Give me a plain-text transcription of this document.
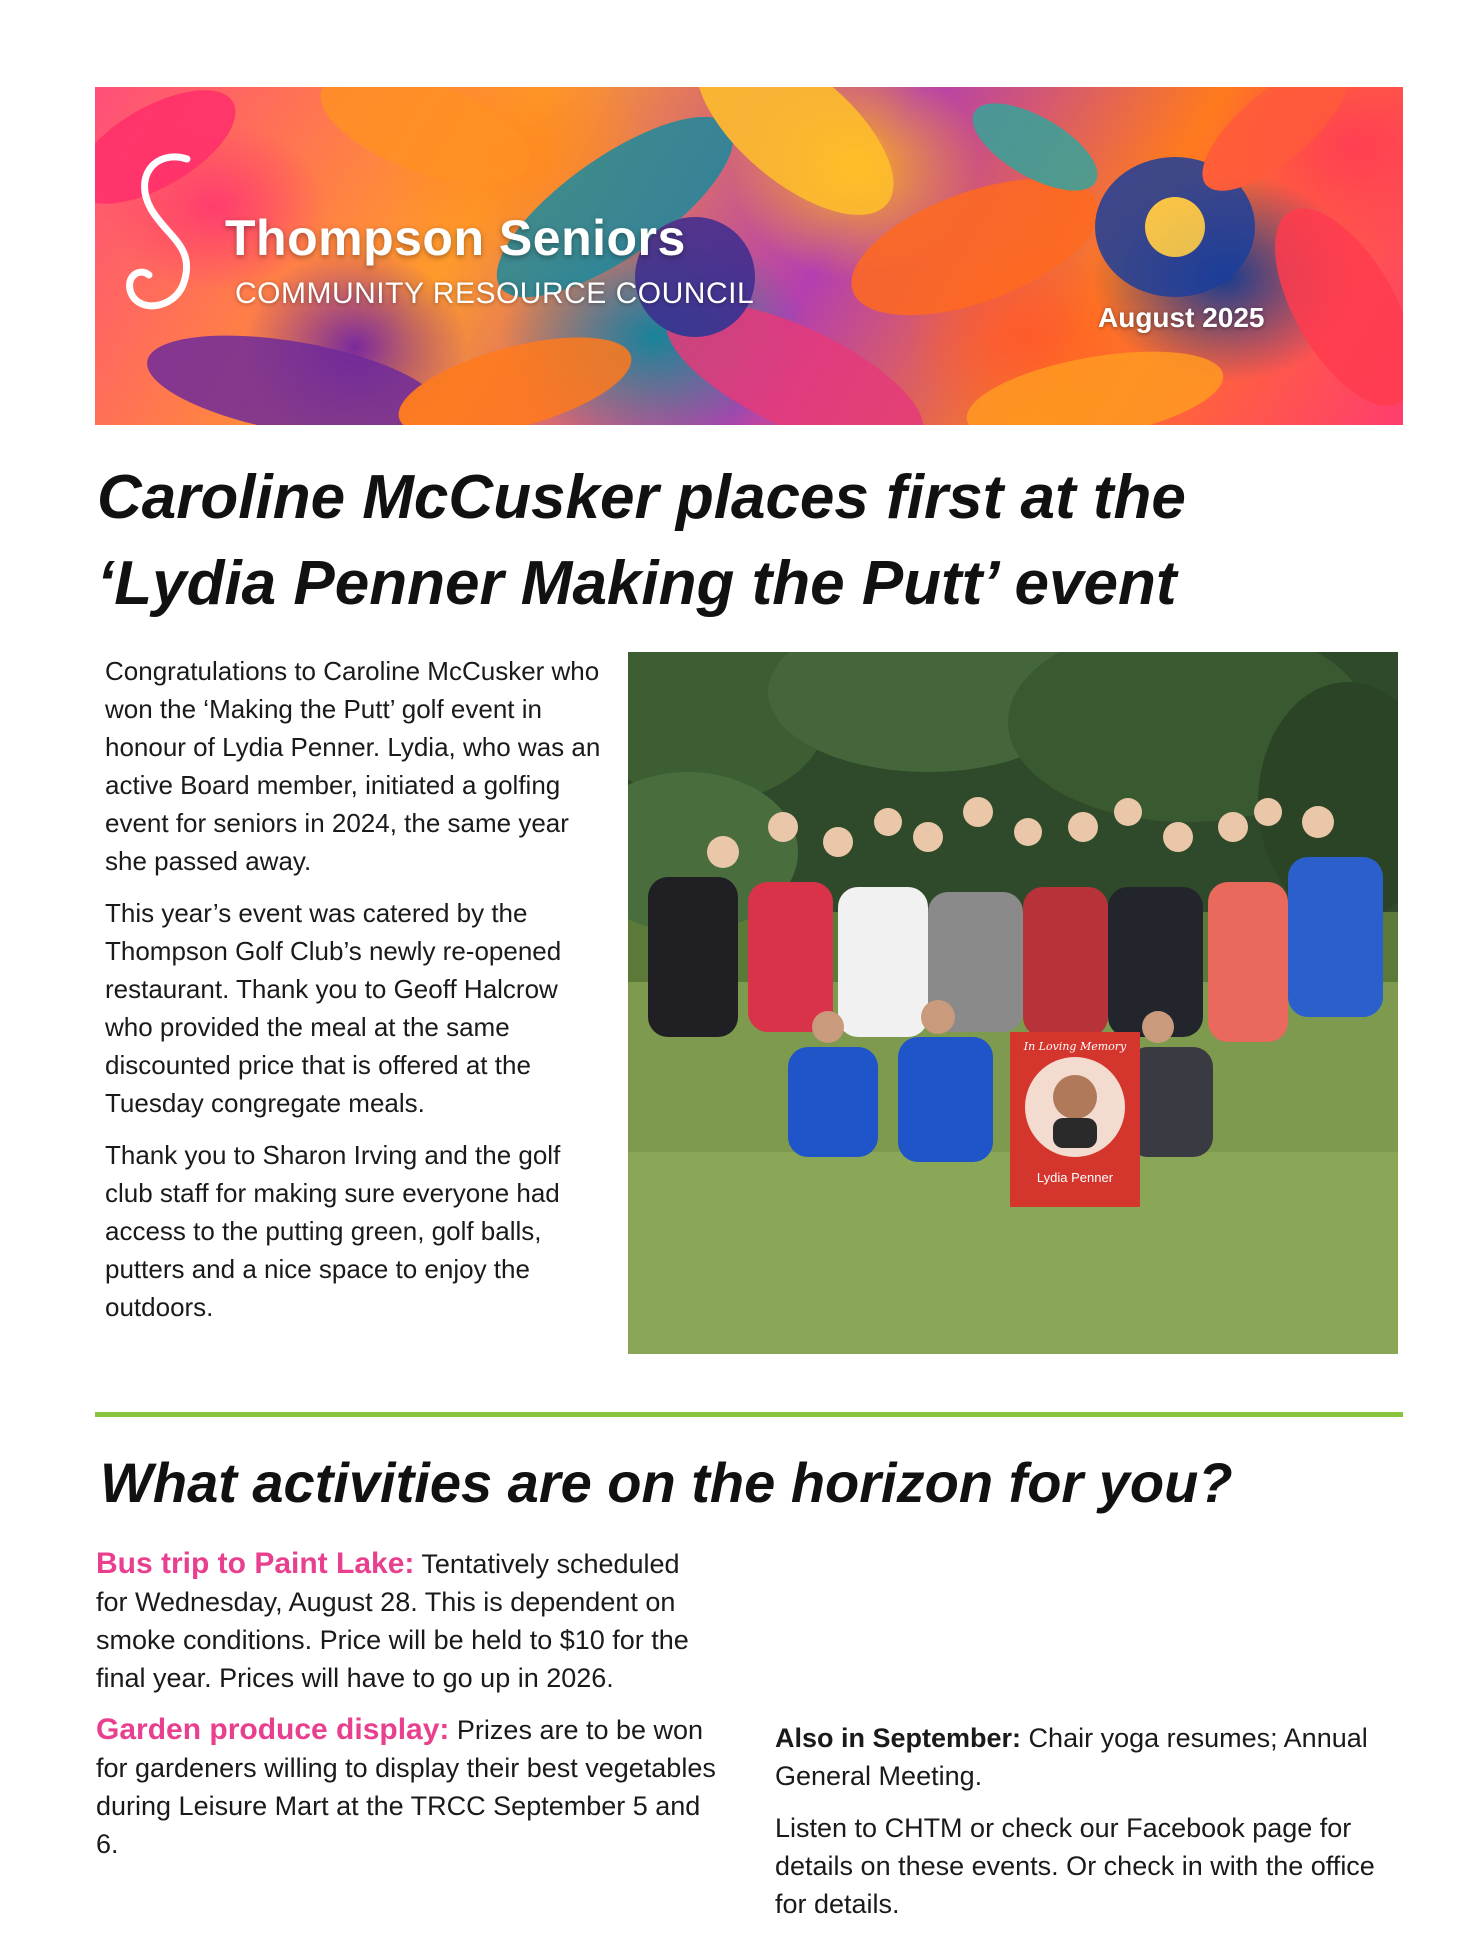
Thompson Seniors
COMMUNITY RESOURCE COUNCIL
August 2025
Caroline McCusker places first at the
‘Lydia Penner Making the Putt’ event

Congratulations to Caroline McCusker who won the ‘Making the Putt’ golf event in honour of Lydia Penner. Lydia, who was an active Board member, initiated a golfing event for seniors in 2024, the same year she passed away.

This year’s event was catered by the Thompson Golf Club’s newly re-opened restaurant. Thank you to Geoff Halcrow who provided the meal at the same discounted price that is offered at the Tuesday congregate meals.

Thank you to Sharon Irving and the golf club staff for making sure everyone had access to the putting green, golf balls, putters and a nice space to enjoy the outdoors.

In Loving Memory
Lydia Penner
What activities are on the horizon for you?

Bus trip to Paint Lake: Tentatively scheduled for Wednesday, August 28. This is dependent on smoke conditions. Price will be held to $10 for the final year. Prices will have to go up in 2026.

Garden produce display: Prizes are to be won for gardeners willing to display their best vegetables during Leisure Mart at the TRCC September 5 and 6.

Also in September: Chair yoga resumes; Annual General Meeting.

Listen to CHTM or check our Facebook page for details on these events. Or check in with the office for details.
